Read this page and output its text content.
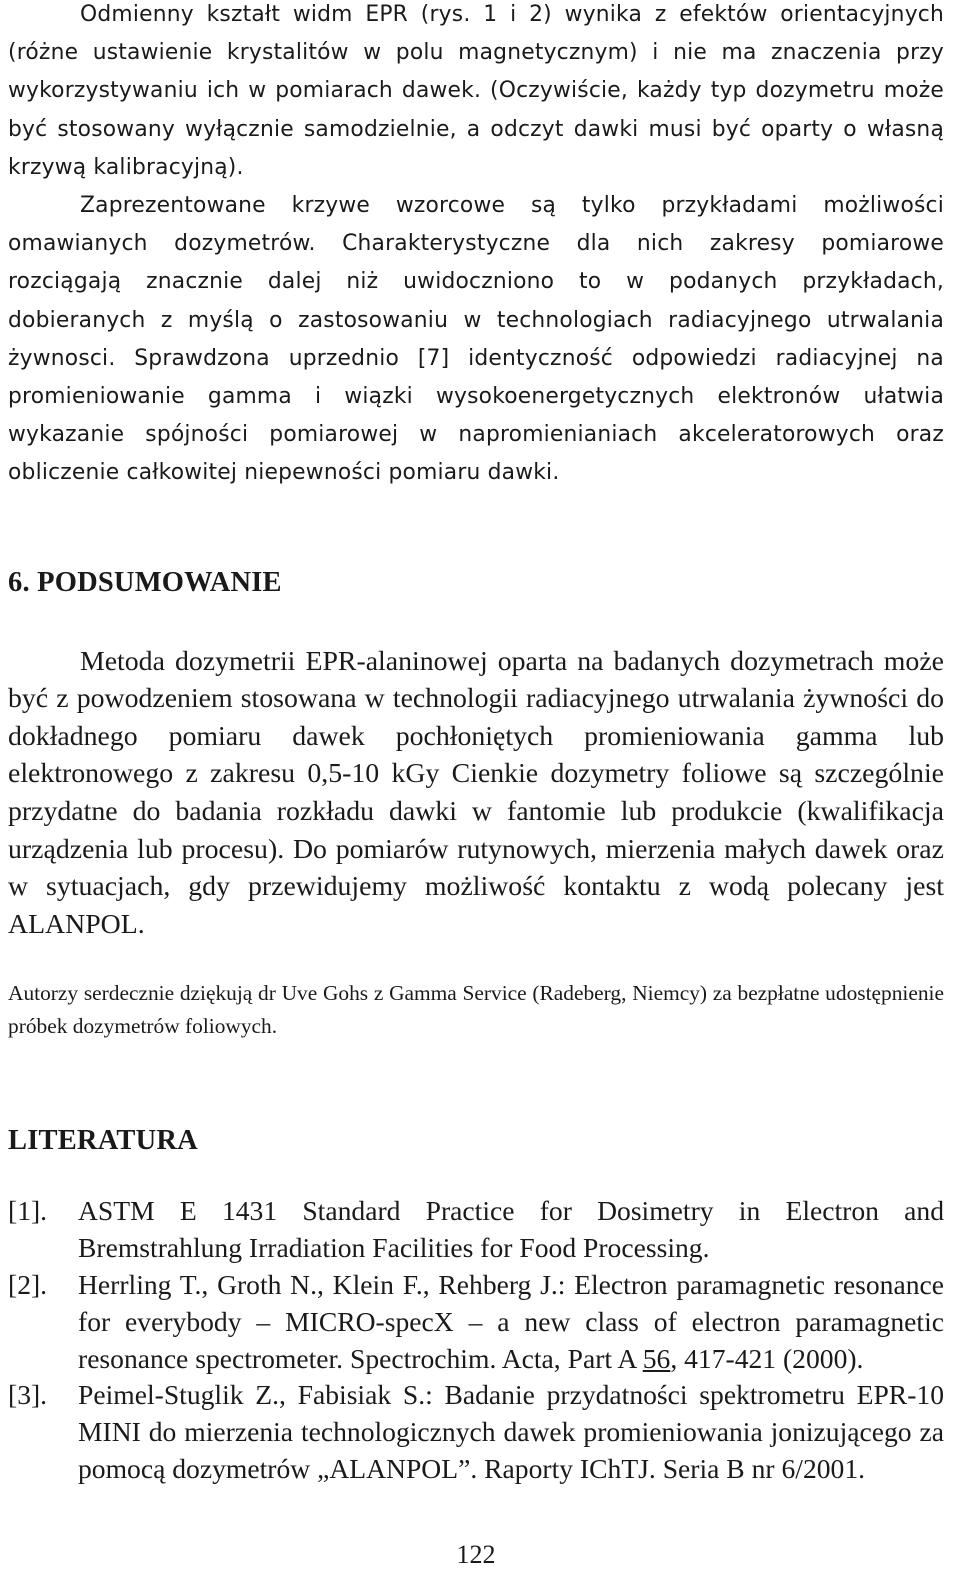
Odmienny kształt widm EPR (rys. 1 i 2) wynika z efektów orientacyjnych (różne ustawienie krystalitów w polu magnetycznym) i nie ma znaczenia przy wykorzystywaniu ich w pomiarach dawek. (Oczywiście, każdy typ dozymetru może być stosowany wyłącznie samodzielnie, a odczyt dawki musi być oparty o własną krzywą kalibracyjną).

Zaprezentowane krzywe wzorcowe są tylko przykładami możliwości omawianych dozymetrów. Charakterystyczne dla nich zakresy pomiarowe rozciągają znacznie dalej niż uwidoczniono to w podanych przykładach, dobieranych z myślą o zastosowaniu w technologiach radiacyjnego utrwalania żywnosci. Sprawdzona uprzednio [7] identyczność odpowiedzi radiacyjnej na promieniowanie gamma i wiązki wysokoenergetycznych elektronów ułatwia wykazanie spójności pomiarowej w napromienianiach akceleratorowych oraz obliczenie całkowitej niepewności pomiaru dawki.

6. PODSUMOWANIE

Metoda dozymetrii EPR-alaninowej oparta na badanych dozymetrach może być z powodzeniem stosowana w technologii radiacyjnego utrwalania żywności do dokładnego pomiaru dawek pochłoniętych promieniowania gamma lub elektronowego z zakresu 0,5-10 kGy Cienkie dozymetry foliowe są szczególnie przydatne do badania rozkładu dawki w fantomie lub produkcie (kwalifikacja urządzenia lub procesu). Do pomiarów rutynowych, mierzenia małych dawek oraz w sytuacjach, gdy przewidujemy możliwość kontaktu z wodą polecany jest ALANPOL.

Autorzy serdecznie dziękują dr Uve Gohs z Gamma Service (Radeberg, Niemcy) za bezpłatne udostępnienie próbek dozymetrów foliowych.

LITERATURA
[1].	ASTM E 1431 Standard Practice for Dosimetry in Electron and Bremstrahlung Irradiation Facilities for Food Processing.
[2].	Herrling T., Groth N., Klein F., Rehberg J.: Electron paramagnetic resonance for everybody – MICRO-specX – a new class of electron paramagnetic resonance spectrometer. Spectrochim. Acta, Part A 56, 417-421 (2000).
[3].	Peimel-Stuglik Z., Fabisiak S.: Badanie przydatności spektrometru EPR-10 MINI do mierzenia technologicznych dawek promieniowania jonizującego za pomocą dozymetrów „ALANPOL”. Raporty IChTJ. Seria B nr 6/2001.
122
